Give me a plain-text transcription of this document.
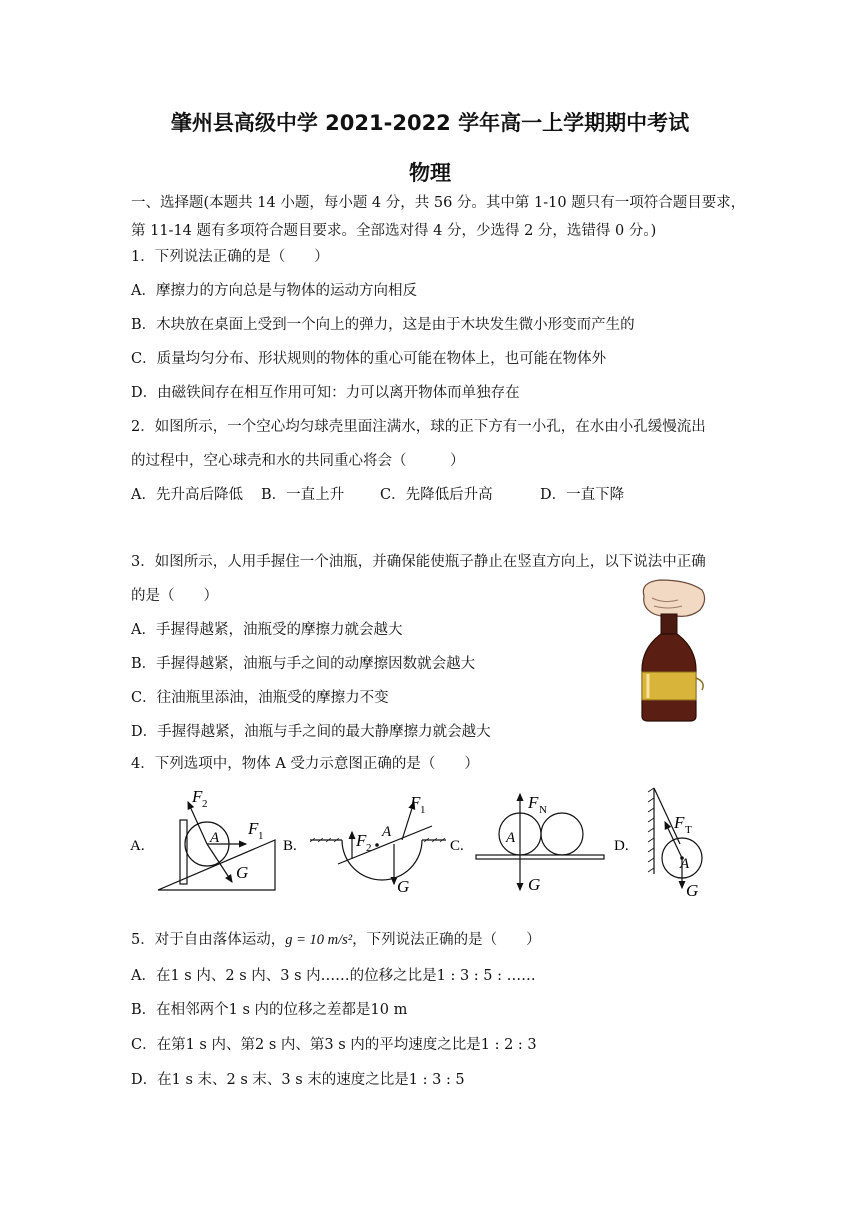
肇州县高级中学 2021-2022 学年高一上学期期中考试
物理
一、选择题(本题共 14 小题，每小题 4 分，共 56 分。其中第 1-10 题只有一项符合题目要求，
第 11-14 题有多项符合题目要求。全部选对得 4 分，少选得 2 分，选错得 0 分。)
1．下列说法正确的是（　　）
A．摩擦力的方向总是与物体的运动方向相反
B．木块放在桌面上受到一个向上的弹力，这是由于木块发生微小形变而产生的
C．质量均匀分布、形状规则的物体的重心可能在物体上，也可能在物体外
D．由磁铁间存在相互作用可知：力可以离开物体而单独存在
2．如图所示，一个空心均匀球壳里面注满水，球的正下方有一小孔，在水由小孔缓慢流出
的过程中，空心球壳和水的共同重心将会（　　　）
A．先升高后降低 B．一直上升 C．先降低后升高	D．一直下降
3．如图所示，人用手握住一个油瓶，并确保能使瓶子静止在竖直方向上，以下说法中正确
的是（　　）
A．手握得越紧，油瓶受的摩擦力就会越大
B．手握得越紧，油瓶与手之间的动摩擦因数就会越大
C．往油瓶里添油，油瓶受的摩擦力不变
D．手握得越紧，油瓶与手之间的最大静摩擦力就会越大
4．下列选项中，物体 A 受力示意图正确的是（　　）
A.	B.	C.	D.
F 2
F 1
A
G
F 2
A
F 1
G
A
F N
G
F T
A
G
5．对于自由落体运动，g = 10 m/s²，下列说法正确的是（　　）
A．在1 s 内、2 s 内、3 s 内……的位移之比是1 : 3 : 5 : ……
B．在相邻两个1 s 内的位移之差都是10 m
C．在第1 s 内、第2 s 内、第3 s 内的平均速度之比是1 : 2 : 3
D．在1 s 末、2 s 末、3 s 末的速度之比是1 : 3 : 5
